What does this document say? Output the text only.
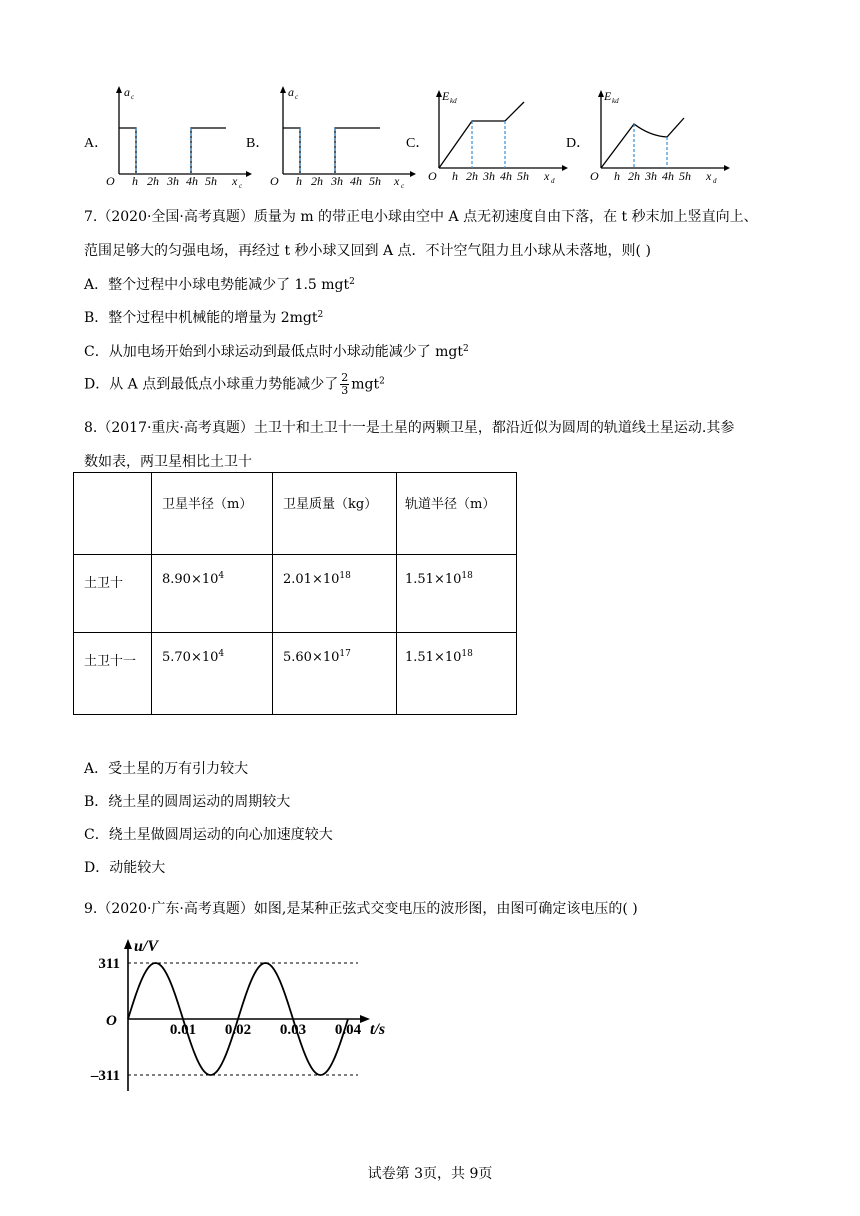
A．
a c
O h 2h 3h 4h 5h x c
B．
a c
O h 2h 3h 4h 5h x c
C．
E kd
O h 2h 3h 4h 5h x d
D．
E kd
O h 2h 3h 4h 5h x d
7.（2020·全国·高考真题）质量为 m 的带正电小球由空中 A 点无初速度自由下落，在 t 秒末加上竖直向上、
范围足够大的匀强电场，再经过 t 秒小球又回到 A 点．不计空气阻力且小球从未落地，则( )
A．整个过程中小球电势能减少了 1.5 mgt$^2$
B．整个过程中机械能的增量为 2mgt$^2$
C．从加电场开始到小球运动到最低点时小球动能减少了 mgt$^2$
D．从 A 点到最低点小球重力势能减少了 $\frac{2}{3} mgt^2$
8.（2017·重庆·高考真题）土卫十和土卫十一是土星的两颗卫星，都沿近似为圆周的轨道线土星运动.其参
数如表，两卫星相比土卫十

	卫星半径（m）	卫星质量（kg）	轨道半径（m）

土卫十	$8.90\times 10^4$	$2.01\times 10^{18}$	$1.51\times 10^{18}$

土卫十一	$5.70\times 10^4$	$5.60\times 10^{17}$	$1.51\times 10^{18}$
A．受土星的万有引力较大
B．绕土星的圆周运动的周期较大
C．绕土星做圆周运动的向心加速度较大
D．动能较大
9.（2020·广东·高考真题）如图,是某种正弦式交变电压的波形图，由图可确定该电压的( )
u/V
t/s
O
311
–311
0.01 0.02 0.03 0.04
试卷第 3页，共 9页
